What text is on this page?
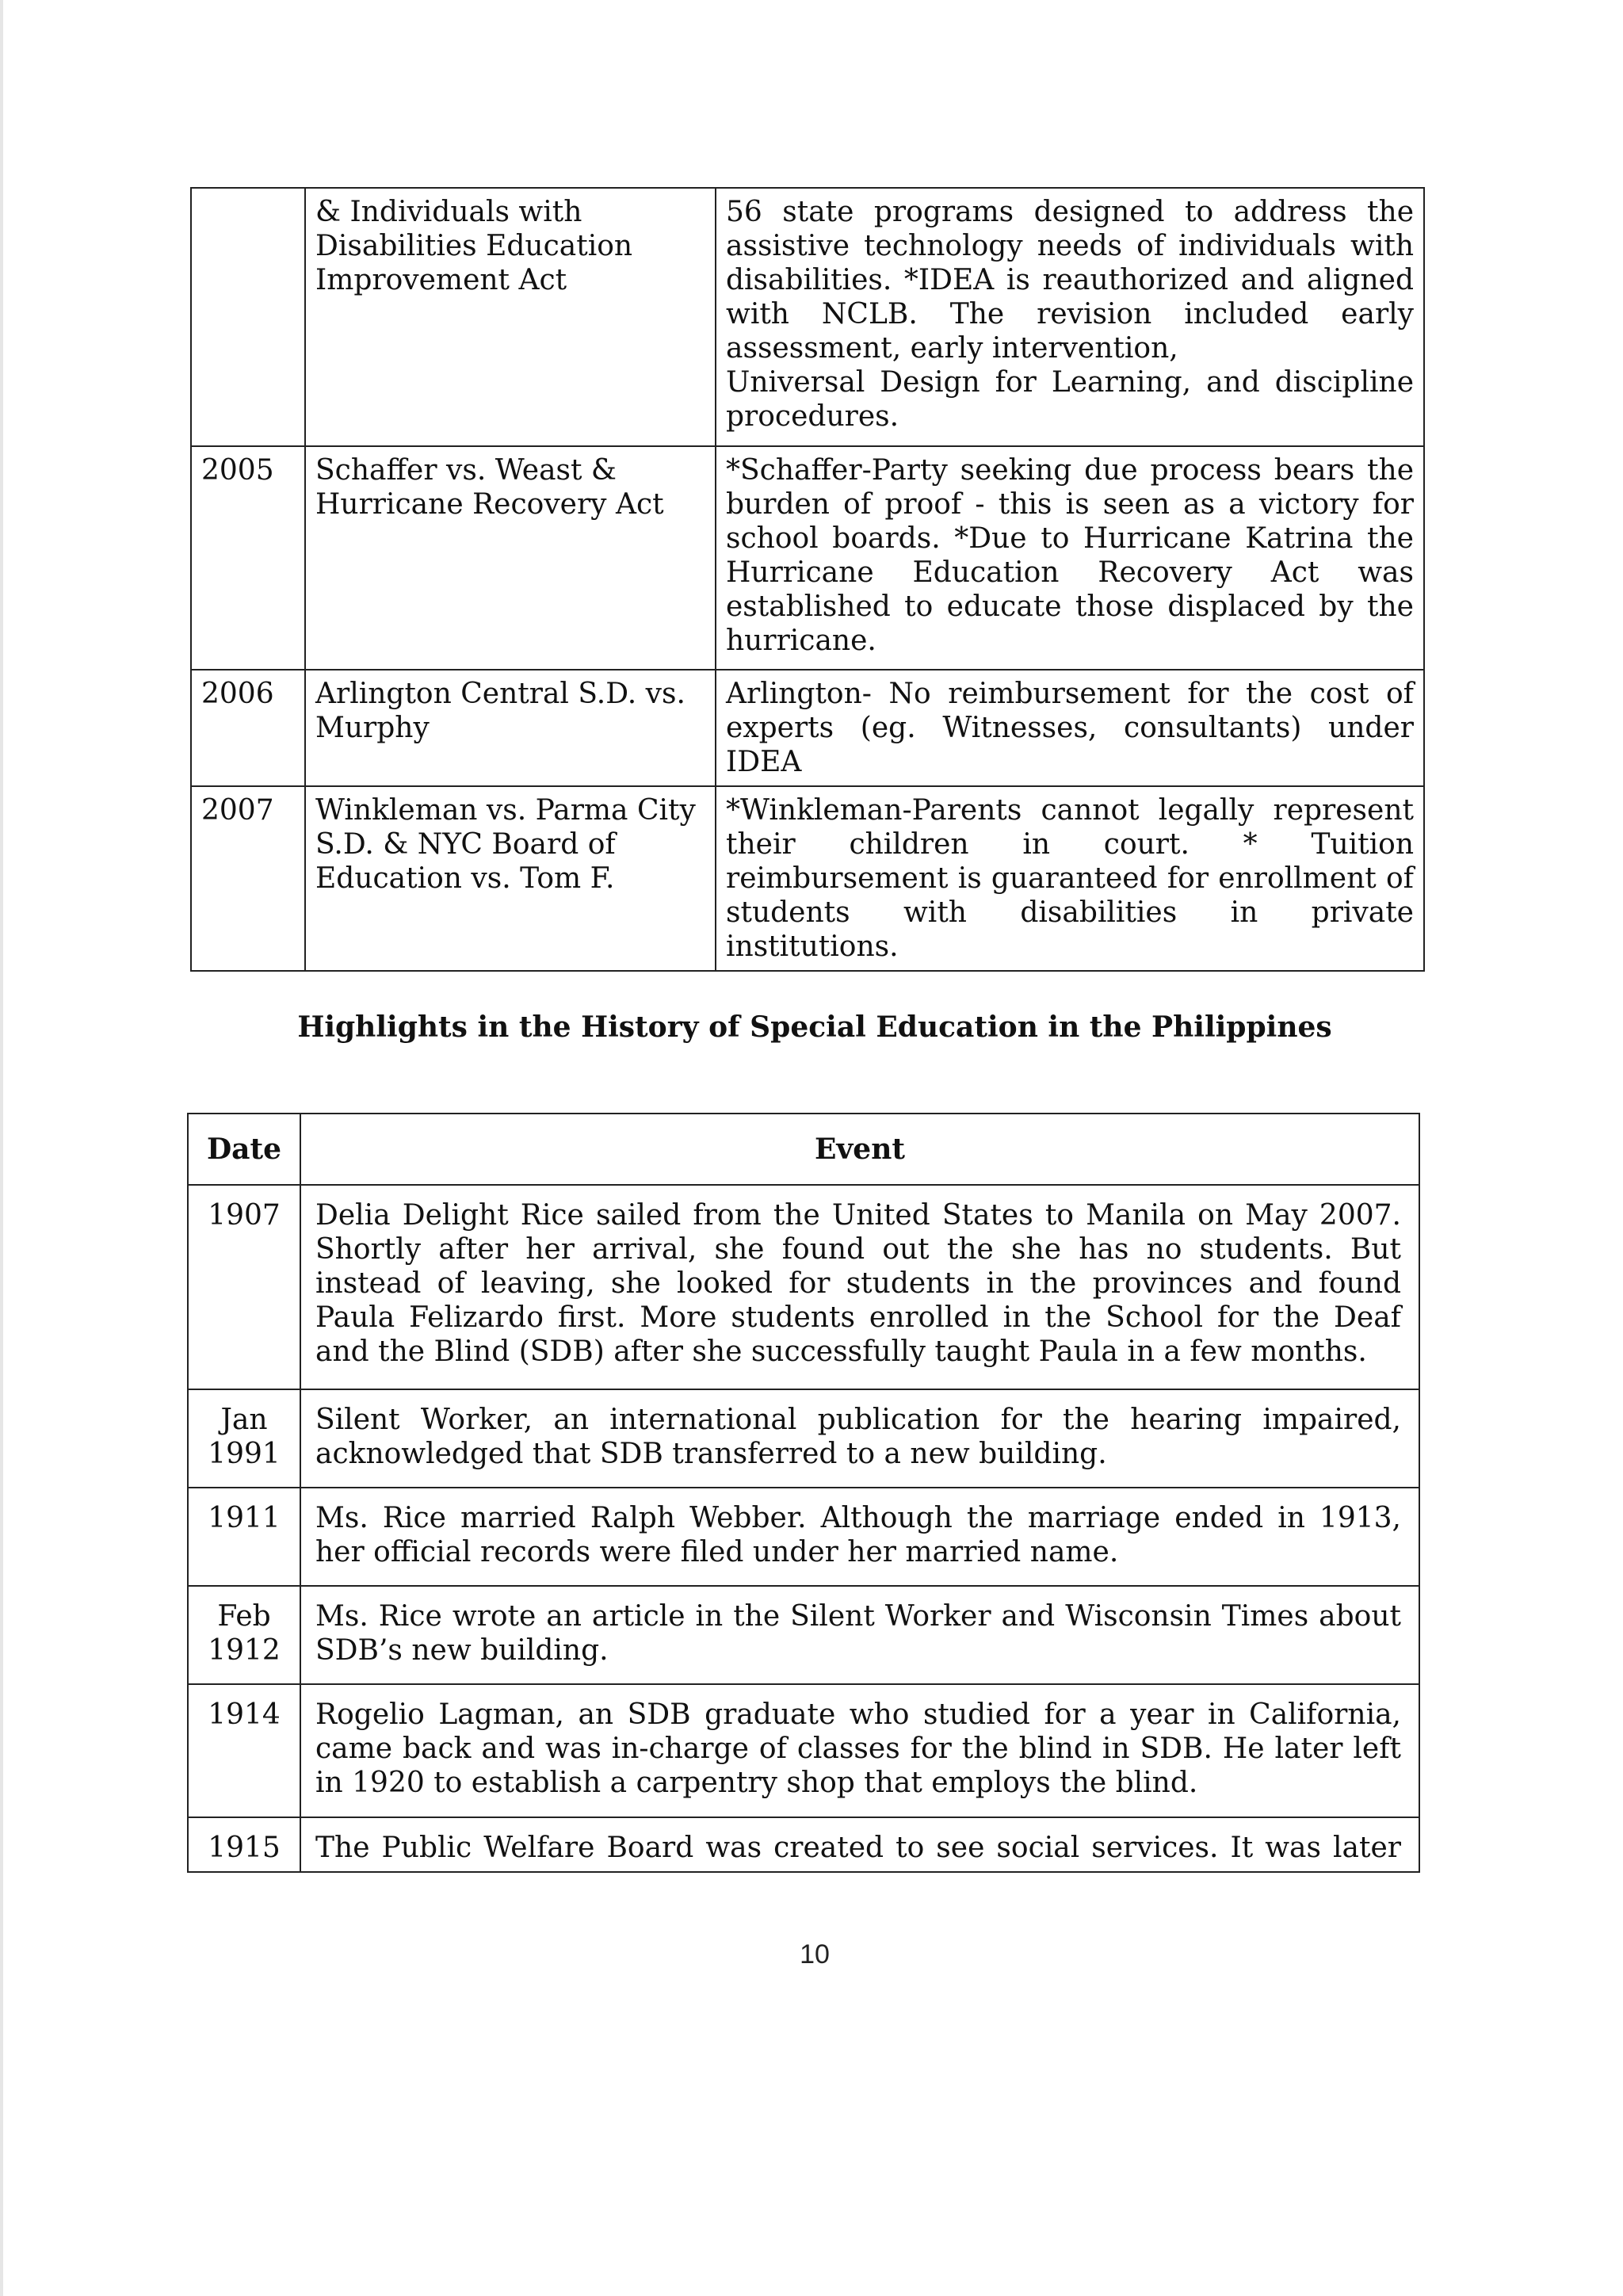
	& Individuals with Disabilities Education Improvement Act	56 state programs designed to address the assistive technology needs of individuals with disabilities. *IDEA is reauthorized and aligned with NCLB. The revision included early assessment, early intervention,
Universal Design for Learning, and discipline procedures.

2005	Schaffer vs. Weast & Hurricane Recovery Act	*Schaffer-Party seeking due process bears the burden of proof - this is seen as a victory for school boards. *Due to Hurricane Katrina the Hurricane Education Recovery Act was established to educate those displaced by the hurricane.
2006	Arlington Central S.D. vs. Murphy	Arlington- No reimbursement for the cost of experts (eg. Witnesses, consultants) under IDEA
2007	Winkleman vs. Parma City S.D. & NYC Board of Education vs. Tom F.	*Winkleman-Parents cannot legally represent their children in court. * Tuition reimbursement is guaranteed for enrollment of students with disabilities in private institutions.
Highlights in the History of Special Education in the Philippines
Date	Event
1907	Delia Delight Rice sailed from the United States to Manila on May 2007. Shortly after her arrival, she found out the she has no students. But instead of leaving, she looked for students in the provinces and found Paula Felizardo first. More students enrolled in the School for the Deaf and the Blind (SDB) after she successfully taught Paula in a few months.
Jan 1991	Silent Worker, an international publication for the hearing impaired, acknowledged that SDB transferred to a new building.
1911	Ms. Rice married Ralph Webber. Although the marriage ended in 1913, her official records were filed under her married name.
Feb 1912	Ms. Rice wrote an article in the Silent Worker and Wisconsin Times about SDB’s new building.
1914	Rogelio Lagman, an SDB graduate who studied for a year in California, came back and was in-charge of classes for the blind in SDB. He later left in 1920 to establish a carpentry shop that employs the blind.
1915	The Public Welfare Board was created to see social services. It was later
10
